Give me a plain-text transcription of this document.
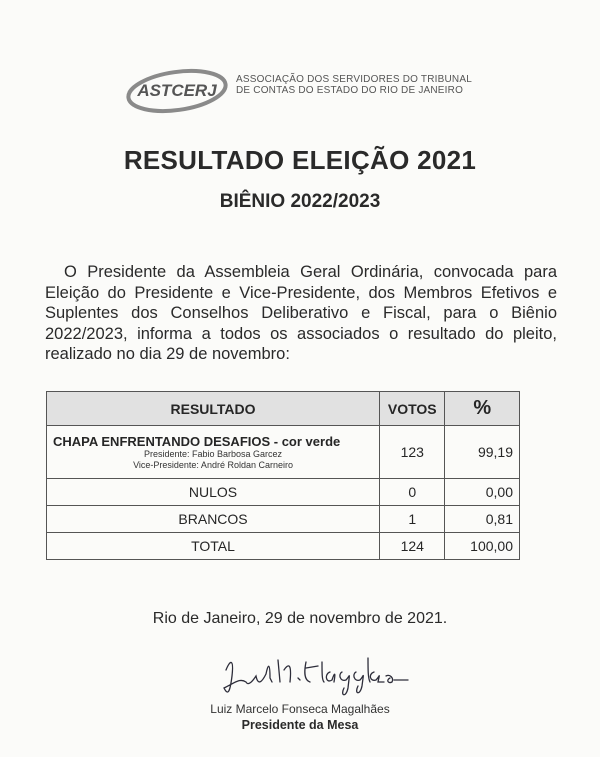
ASTCERJ
ASSOCIAÇÃO DOS SERVIDORES DO TRIBUNAL
DE CONTAS DO ESTADO DO RIO DE JANEIRO
RESULTADO ELEIÇÃO 2021
BIÊNIO 2022/2023

O Presidente da Assembleia Geral Ordinária, convocada para Eleição do Presidente e Vice-Presidente, dos Membros Efetivos e Suplentes dos Conselhos Deliberativo e Fiscal, para o Biênio 2022/2023, informa a todos os associados o resultado do pleito, realizado no dia 29 de novembro:

RESULTADO	VOTOS	%

CHAPA ENFRENTANDO DESAFIOS - cor verde
Presidente: Fabio Barbosa Garcez
Vice-Presidente: André Roldan Carneiro	123	99,19
NULOS	0	0,00
BRANCOS	1	0,81
TOTAL	124	100,00
Rio de Janeiro, 29 de novembro de 2021.
Luiz Marcelo Fonseca Magalhães
Presidente da Mesa
